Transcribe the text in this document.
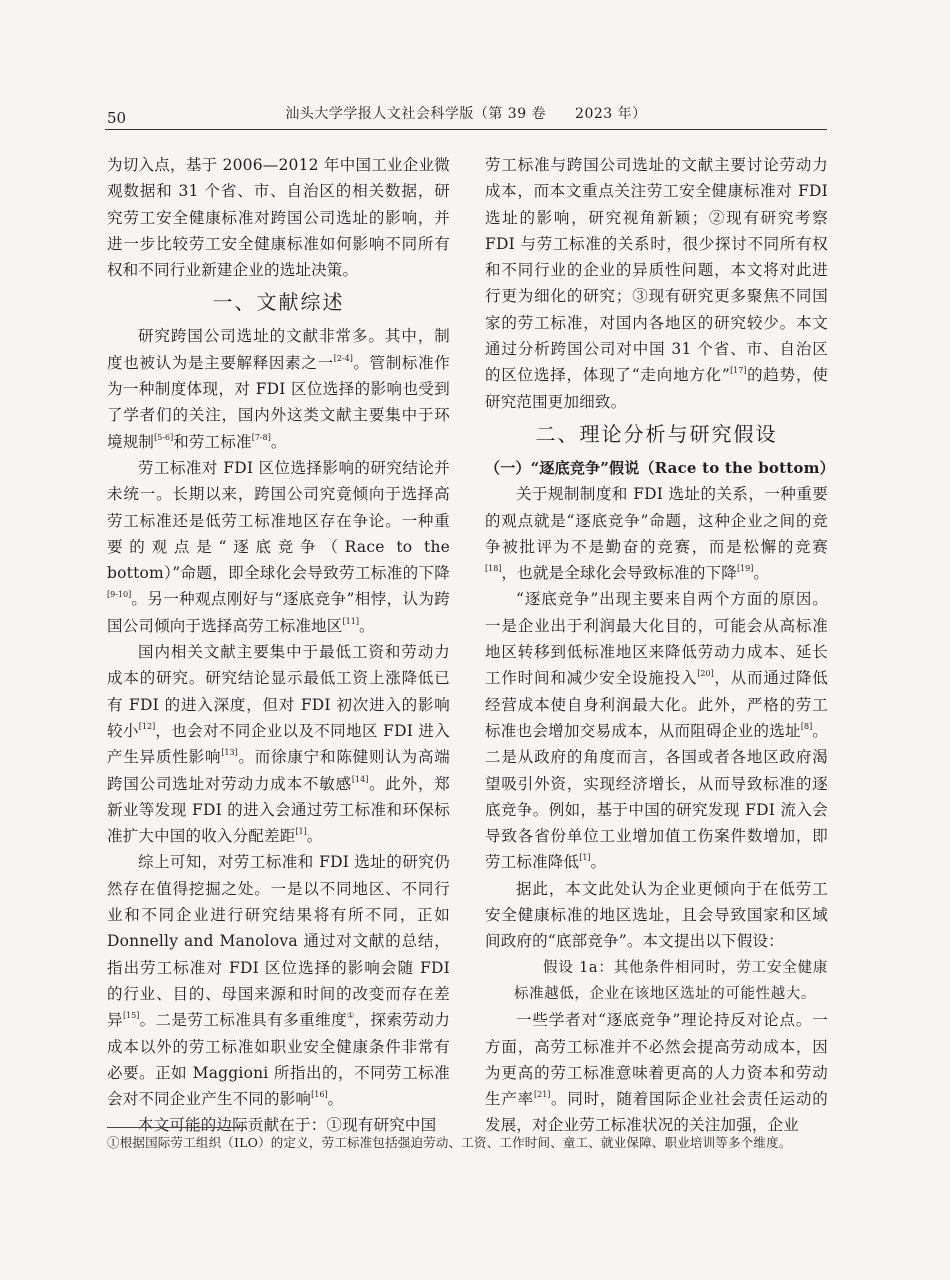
50	汕头大学学报人文社会科学版（第 39 卷　　2023 年）

为切入点，基于 2006—2012 年中国工业企业微观数据和 31 个省、市、自治区的相关数据，研究劳工安全健康标准对跨国公司选址的影响，并进一步比较劳工安全健康标准如何影响不同所有权和不同行业新建企业的选址决策。

一、文献综述

研究跨国公司选址的文献非常多。其中，制度也被认为是主要解释因素之一[2-4]。管制标准作为一种制度体现，对 FDI 区位选择的影响也受到了学者们的关注，国内外这类文献主要集中于环境规制[5-6]和劳工标准[7-8]。

劳工标准对 FDI 区位选择影响的研究结论并未统一。长期以来，跨国公司究竟倾向于选择高劳工标准还是低劳工标准地区存在争论。一种重要的观点是“逐底竞争（Race to the bottom）”命题，即全球化会导致劳工标准的下降[9-10]。另一种观点刚好与“逐底竞争”相悖，认为跨国公司倾向于选择高劳工标准地区[11]。

国内相关文献主要集中于最低工资和劳动力成本的研究。研究结论显示最低工资上涨降低已有 FDI 的进入深度，但对 FDI 初次进入的影响较小[12]，也会对不同企业以及不同地区 FDI 进入产生异质性影响[13]。而徐康宁和陈健则认为高端跨国公司选址对劳动力成本不敏感[14]。此外，郑新业等发现 FDI 的进入会通过劳工标准和环保标准扩大中国的收入分配差距[1]。

综上可知，对劳工标准和 FDI 选址的研究仍然存在值得挖掘之处。一是以不同地区、不同行业和不同企业进行研究结果将有所不同，正如 Donnelly and Manolova 通过对文献的总结，指出劳工标准对 FDI 区位选择的影响会随 FDI 的行业、目的、母国来源和时间的改变而存在差异[15]。二是劳工标准具有多重维度①，探索劳动力成本以外的劳工标准如职业安全健康条件非常有必要。正如 Maggioni 所指出的，不同劳工标准会对不同企业产生不同的影响[16]。

本文可能的边际贡献在于：①现有研究中国

劳工标准与跨国公司选址的文献主要讨论劳动力成本，而本文重点关注劳工安全健康标准对 FDI 选址的影响，研究视角新颖；②现有研究考察 FDI 与劳工标准的关系时，很少探讨不同所有权和不同行业的企业的异质性问题，本文将对此进行更为细化的研究；③现有研究更多聚焦不同国家的劳工标准，对国内各地区的研究较少。本文通过分析跨国公司对中国 31 个省、市、自治区的区位选择，体现了“走向地方化”[17]的趋势，使研究范围更加细致。

二、理论分析与研究假设
（一）“逐底竞争”假说（Race to the bottom）

关于规制制度和 FDI 选址的关系，一种重要的观点就是“逐底竞争”命题，这种企业之间的竞争被批评为不是勤奋的竞赛，而是松懈的竞赛[18]，也就是全球化会导致标准的下降[19]。

“逐底竞争”出现主要来自两个方面的原因。一是企业出于利润最大化目的，可能会从高标准地区转移到低标准地区来降低劳动力成本、延长工作时间和减少安全设施投入[20]，从而通过降低经营成本使自身利润最大化。此外，严格的劳工标准也会增加交易成本，从而阻碍企业的选址[8]。二是从政府的角度而言，各国或者各地区政府渴望吸引外资，实现经济增长，从而导致标准的逐底竞争。例如，基于中国的研究发现 FDI 流入会导致各省份单位工业增加值工伤案件数增加，即劳工标准降低[1]。

据此，本文此处认为企业更倾向于在低劳工安全健康标准的地区选址，且会导致国家和区域间政府的“底部竞争”。本文提出以下假设：

假设 1a：其他条件相同时，劳工安全健康标准越低，企业在该地区选址的可能性越大。

一些学者对“逐底竞争”理论持反对论点。一方面，高劳工标准并不必然会提高劳动成本，因为更高的劳工标准意味着更高的人力资本和劳动生产率[21]。同时，随着国际企业社会责任运动的发展，对企业劳工标准状况的关注加强，企业

①根据国际劳工组织（ILO）的定义，劳工标准包括强迫劳动、工资、工作时间、童工、就业保障、职业培训等多个维度。
